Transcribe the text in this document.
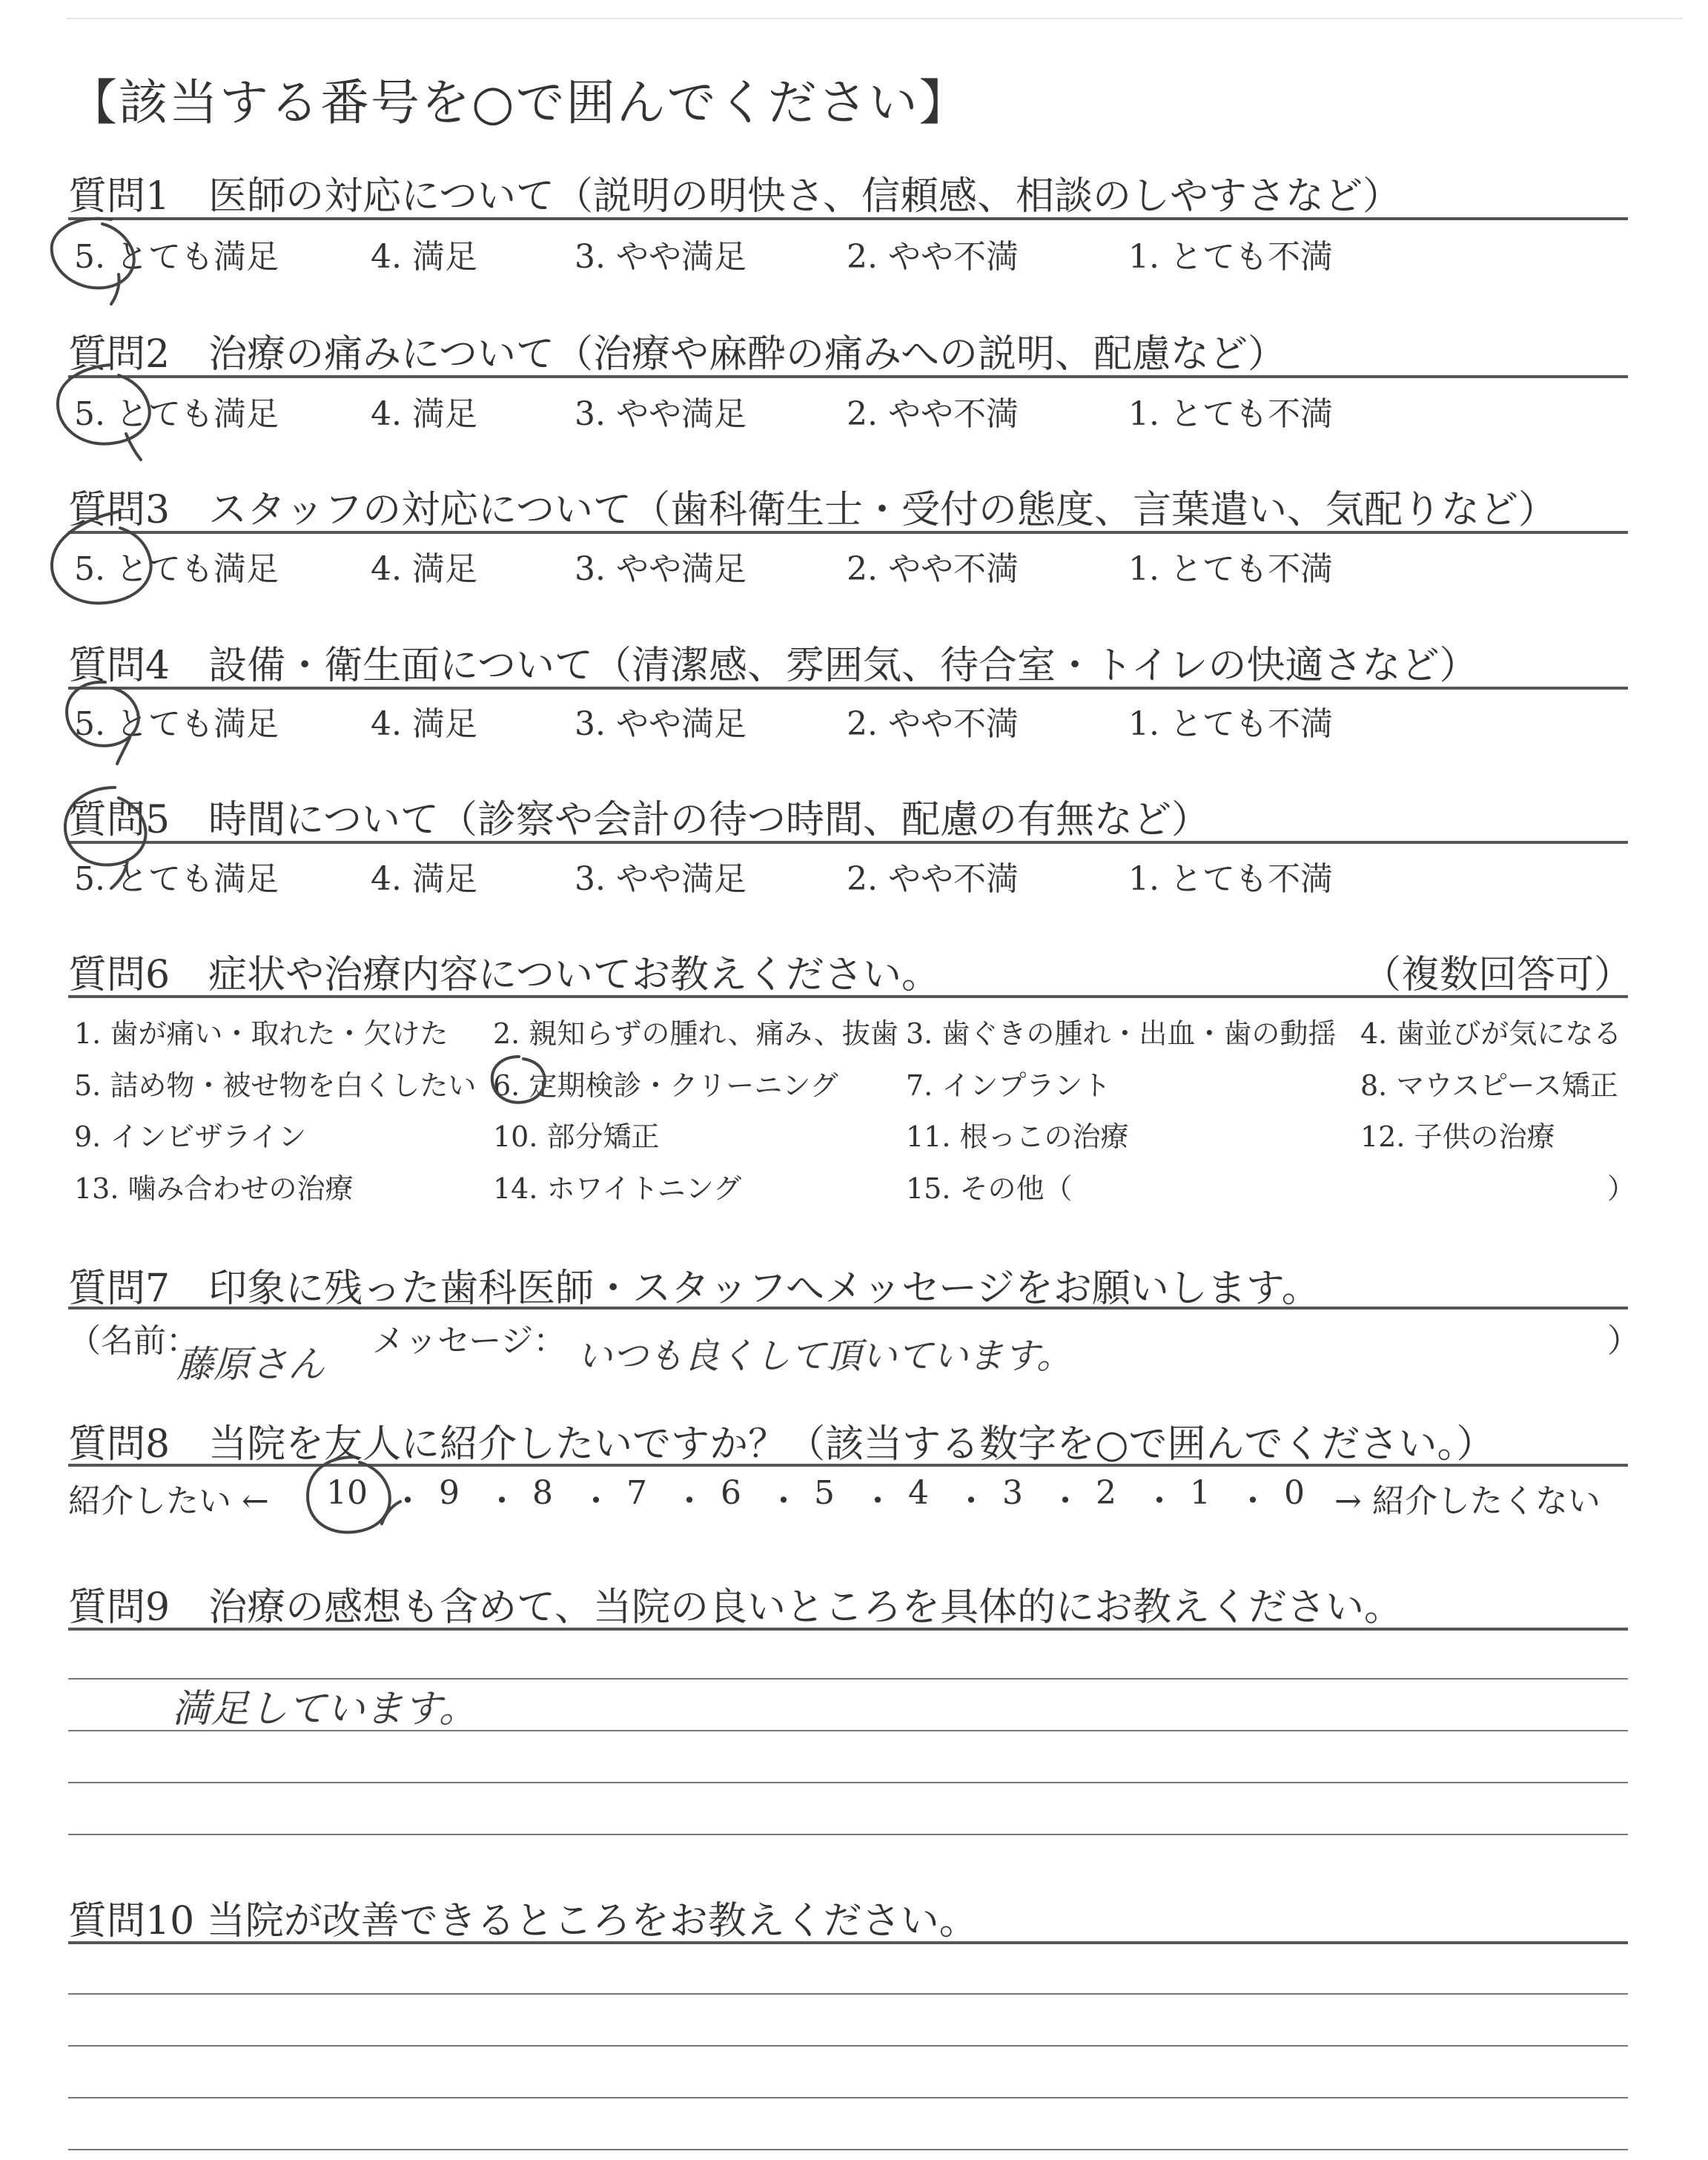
【該当する番号を○で囲んでください】
質問1　医師の対応について（説明の明快さ、信頼感、相談のしやすさなど）
5. とても満足	4. 満足	3. やや満足	2. やや不満	1. とても不満
質問2　治療の痛みについて（治療や麻酔の痛みへの説明、配慮など）
5. とても満足	4. 満足	3. やや満足	2. やや不満	1. とても不満
質問3　スタッフの対応について（歯科衛生士・受付の態度、言葉遣い、気配りなど）
5. とても満足	4. 満足	3. やや満足	2. やや不満	1. とても不満
質問4　設備・衛生面について（清潔感、雰囲気、待合室・トイレの快適さなど）
5. とても満足	4. 満足	3. やや満足	2. やや不満	1. とても不満
質問5　時間について（診察や会計の待つ時間、配慮の有無など）
5. とても満足	4. 満足	3. やや満足	2. やや不満	1. とても不満
質問6　症状や治療内容についてお教えください。	（複数回答可）
1. 歯が痛い・取れた・欠けた 2. 親知らずの腫れ、痛み、抜歯 3. 歯ぐきの腫れ・出血・歯の動揺 4. 歯並びが気になる
5. 詰め物・被せ物を白くしたい 6. 定期検診・クリーニング 7. インプラント	8. マウスピース矯正
9. インビザライン	10. 部分矯正	11. 根っこの治療	12. 子供の治療
13. 噛み合わせの治療	14. ホワイトニング	15. その他（	）
質問7　印象に残った歯科医師・スタッフへメッセージをお願いします。
（名前：
藤原さん
メッセージ： いつも良くして頂いています。	）
質問8　当院を友人に紹介したいですか？（該当する数字を○で囲んでください。）
紹介したい ← 10 ・ 9 ・ 8 ・ 7 ・ 6 ・ 5 ・ 4 ・ 3 ・ 2 ・ 1 ・ 0 → 紹介したくない
質問9　治療の感想も含めて、当院の良いところを具体的にお教えください。
満足しています。
質問10 当院が改善できるところをお教えください。
